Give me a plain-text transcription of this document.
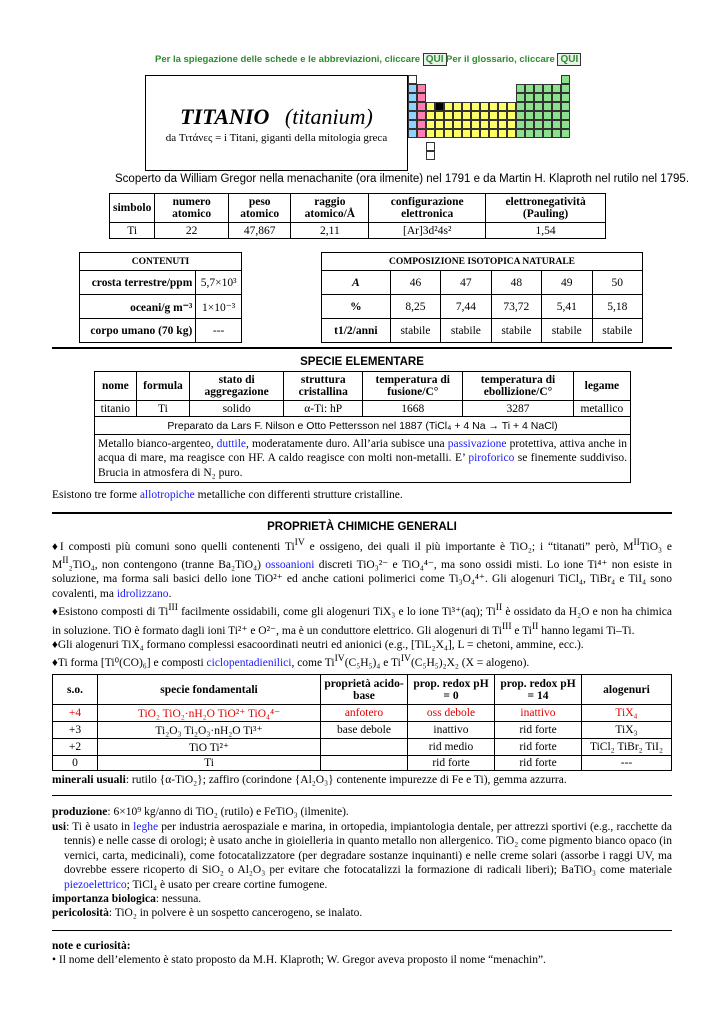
Per la spiegazione delle schede e le abbreviazioni, cliccare QUI Per il glossario, cliccare QUI
TITANIO (titanium)
da Τιτάνες = i Titani, giganti della mitologia greca
Scoperto da William Gregor nella menachanite (ora ilmenite) nel 1791 e da Martin H. Klaproth nel rutilo nel 1795.
simbolo	numero atomico	peso atomico	raggio atomico/Å	configurazione elettronica	elettronegatività (Pauling)
Ti	22	47,867	2,11	[Ar]3d²4s²	1,54
CONTENUTI	
crosta terrestre/ppm	5,7×10³
oceani/g m⁻³	1×10⁻³
corpo umano (70 kg)	---
COMPOSIZIONE ISOTOPICA NATURALE					
A	46	47	48	49	50
%	8,25	7,44	73,72	5,41	5,18
t1/2/anni	stabile	stabile	stabile	stabile	stabile
SPECIE ELEMENTARE
nome	formula	stato di aggregazione	struttura cristallina	temperatura di fusione/C°	temperatura di ebollizione/C°	legame
titanio	Ti	solido	α-Ti: hP	1668	3287	metallico
Preparato da Lars F. Nilson e Otto Pettersson nel 1887 (TiCl₄ + 4 Na → Ti + 4 NaCl)						
Metallo bianco-argenteo, duttile, moderatamente duro. All’aria subisce una passivazione protettiva, attiva anche in acqua di mare, ma reagisce con HF. A caldo reagisce con molti non-metalli. E’ piroforico se finemente suddiviso. Brucia in atmosfera di N₂ puro.						
Esistono tre forme allotropiche metalliche con differenti strutture cristalline.
PROPRIETÀ CHIMICHE GENERALI
♦I composti più comuni sono quelli contenenti $Ti^{IV}$ e ossigeno, dei quali il più importante è TiO₂; i “titanati” però, $M^{II}TiO_3$ e $M^{II}_2TiO_4$, non contengono (tranne Ba₂TiO₄) ossoanioni discreti TiO₃²⁻ e TiO₄⁴⁻, ma sono ossidi misti. Lo ione Ti⁴⁺ non esiste in soluzione, ma forma sali basici dello ione TiO²⁺ ed anche cationi polimerici come Ti₃O₄⁴⁺. Gli alogenuri TiCl₄, TiBr₄ e TiI₄ sono covalenti, ma idrolizzano.
♦Esistono composti di $Ti^{III}$ facilmente ossidabili, come gli alogenuri TiX₃ e lo ione Ti³⁺(aq); $Ti^{II}$ è ossidato da H₂O e non ha chimica in soluzione. TiO è formato dagli ioni Ti²⁺ e O²⁻, ma è un conduttore elettrico. Gli alogenuri di $Ti^{III}$ e $Ti^{II}$ hanno legami Ti–Ti.
♦Gli alogenuri TiX₄ formano complessi esacoordinati neutri ed anionici (e.g., [TiL₂X₄], L = chetoni, ammine, ecc.).
♦Ti forma [Ti⁰(CO)₆] e composti ciclopentadienilici, come $Ti^{IV}(C_5H_5)_4$ e $Ti^{IV}(C_5H_5)_2X_2$ (X = alogeno).
s.o.	specie fondamentali	proprietà acido-base	prop. redox pH = 0	prop. redox pH = 14	alogenuri
+4	TiO₂ TiO₂·nH₂O TiO²⁺ TiO₄⁴⁻	anfotero	oss debole	inattivo	TiX₄
+3	Ti₂O₃ Ti₂O₃·nH₂O Ti³⁺	base debole	inattivo	rid forte	TiX₃
+2	TiO Ti²⁺		rid medio	rid forte	TiCl₂ TiBr₂ TiI₂
0	Ti		rid forte	rid forte	---
minerali usuali: rutilo {α-TiO₂}; zaffiro (corindone {Al₂O₃} contenente impurezze di Fe e Ti), gemma azzurra.
produzione: 6×10⁹ kg/anno di TiO₂ (rutilo) e FeTiO₃ (ilmenite).
usi: Ti è usato in leghe per industria aerospaziale e marina, in ortopedia, impiantologia dentale, per attrezzi sportivi (e.g., racchette da tennis) e nelle casse di orologi; è usato anche in gioielleria in quanto metallo non allergenico. TiO₂ come pigmento bianco opaco (in vernici, carta, medicinali), come fotocatalizzatore (per degradare sostanze inquinanti) e nelle creme solari (assorbe i raggi UV, ma dovrebbe essere ricoperto di SiO₂ o Al₂O₃ per evitare che fotocatalizzi la formazione di radicali liberi); BaTiO₃ come materiale piezoelettrico; TiCl₄ è usato per creare cortine fumogene.
importanza biologica: nessuna.
pericolosità: TiO₂ in polvere è un sospetto cancerogeno, se inalato.
note e curiosità:
• Il nome dell’elemento è stato proposto da M.H. Klaproth; W. Gregor aveva proposto il nome “menachin”.
